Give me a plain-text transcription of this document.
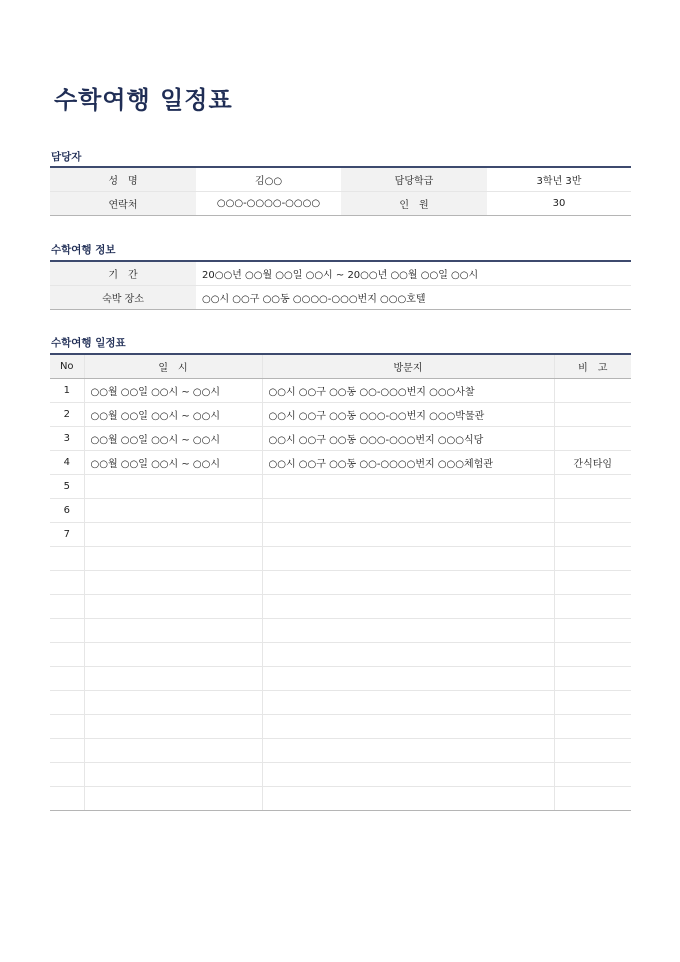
수학여행 일정표
담당자
성　명	김○○	담당학급	3학년 3반
연락처	○○○-○○○○-○○○○	인　원	30
수학여행 정보
기　간	20○○년 ○○월 ○○일 ○○시 ~ 20○○년 ○○월 ○○일 ○○시
숙박 장소	○○시 ○○구 ○○동 ○○○○-○○○번지 ○○○호텔
수학여행 일정표
No	일　시	방문지	비　고
1	○○월 ○○일 ○○시 ~ ○○시	○○시 ○○구 ○○동 ○○-○○○번지 ○○○사찰	
2	○○월 ○○일 ○○시 ~ ○○시	○○시 ○○구 ○○동 ○○○-○○번지 ○○○박물관	
3	○○월 ○○일 ○○시 ~ ○○시	○○시 ○○구 ○○동 ○○○-○○○번지 ○○○식당	
4	○○월 ○○일 ○○시 ~ ○○시	○○시 ○○구 ○○동 ○○-○○○○번지 ○○○체험관	간식타임
5			
6			
7			
